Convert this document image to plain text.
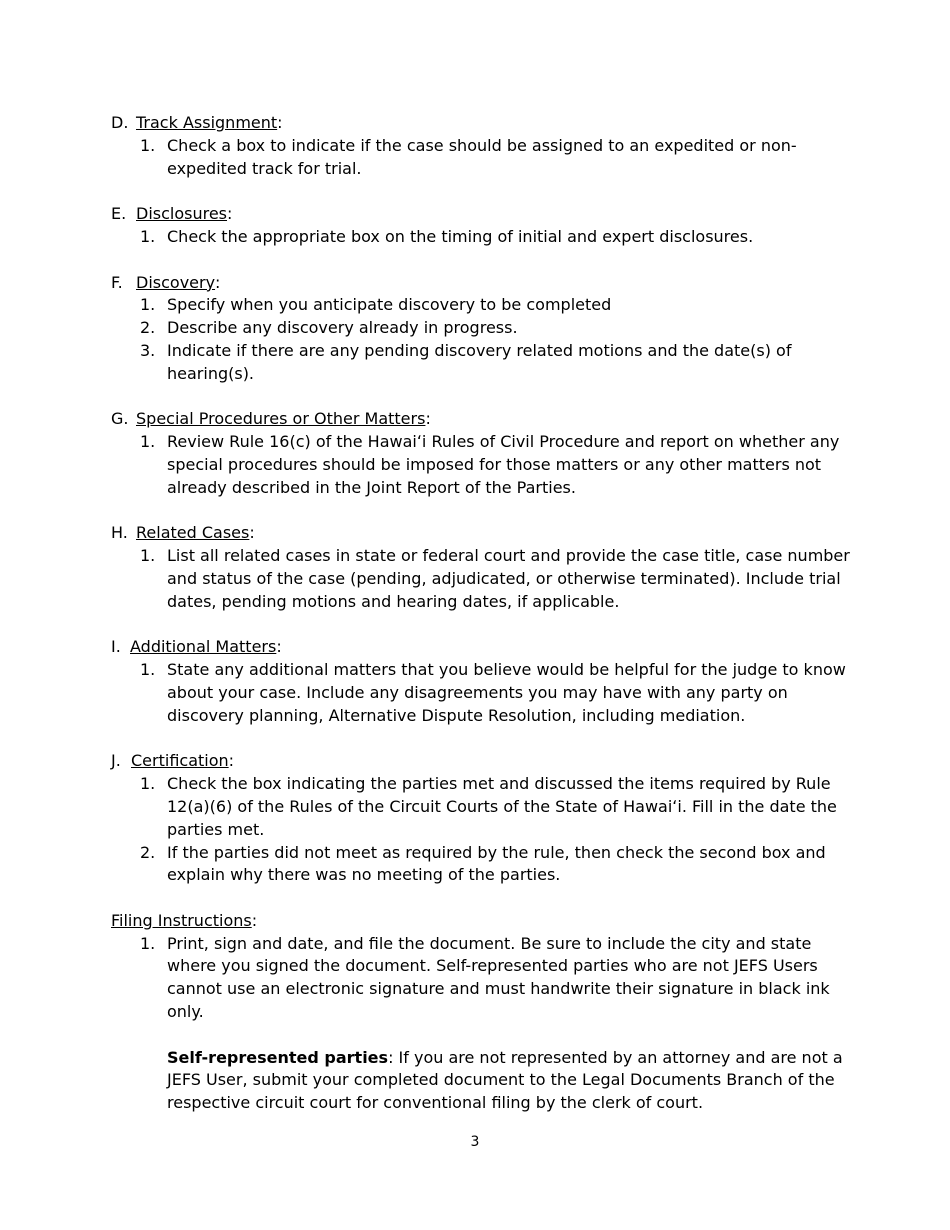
D. Track Assignment :
1. Check a box to indicate if the case should be assigned to an expedited or non-expedited track for trial.
E. Disclosures :
1. Check the appropriate box on the timing of initial and expert disclosures.
F. Discovery :
1. Specify when you anticipate discovery to be completed
2. Describe any discovery already in progress.
3. Indicate if there are any pending discovery related motions and the date(s) of hearing(s).
G. Special Procedures or Other Matters :
1. Review Rule 16(c) of the Hawaiʻi Rules of Civil Procedure and report on whether any special procedures should be imposed for those matters or any other matters not already described in the Joint Report of the Parties.
H. Related Cases :
1. List all related cases in state or federal court and provide the case title, case number and status of the case (pending, adjudicated, or otherwise terminated). Include trial dates, pending motions and hearing dates, if applicable.
I. Additional Matters :
1. State any additional matters that you believe would be helpful for the judge to know about your case. Include any disagreements you may have with any party on discovery planning, Alternative Dispute Resolution, including mediation.
J. Certification :
1. Check the box indicating the parties met and discussed the items required by Rule 12(a)(6) of the Rules of the Circuit Courts of the State of Hawaiʻi. Fill in the date the parties met.
2. If the parties did not meet as required by the rule, then check the second box and explain why there was no meeting of the parties.
Filing Instructions :
1. Print, sign and date, and file the document. Be sure to include the city and state where you signed the document. Self-represented parties who are not JEFS Users cannot use an electronic signature and must handwrite their signature in black ink only.
Self-represented parties: If you are not represented by an attorney and are not a JEFS User, submit your completed document to the Legal Documents Branch of the respective circuit court for conventional filing by the clerk of court.
3
